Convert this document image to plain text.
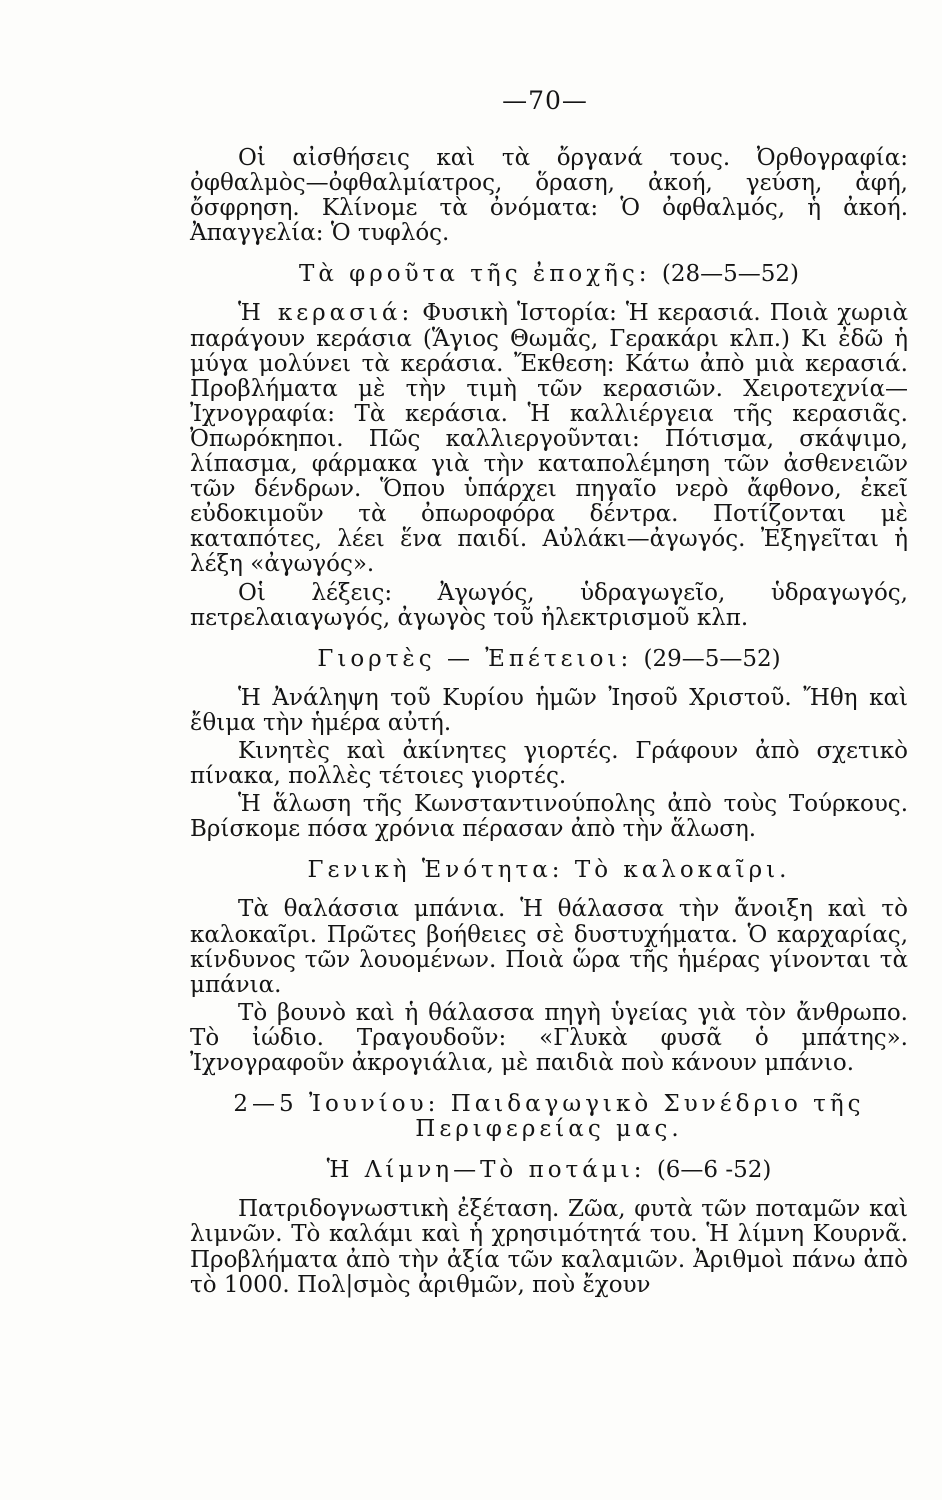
—70—

Οἱ αἰσθήσεις καὶ τὰ ὄργανά τους. Ὀρθογραφία: ὀφθαλμὸς—ὀφθαλμίατρος, ὅραση, ἀκοή, γεύση, ἁφή, ὄσφρηση. Κλίνομε τὰ ὀνόματα: Ὁ ὀφθαλμός, ἡ ἀκοή. Ἀπαγγελία: Ὁ τυφλός.

Τὰ φροῦτα τῆς ἐποχῆς: (28—5—52)

Ἡ κερασιά: Φυσικὴ Ἱστορία: Ἡ κερασιά. Ποιὰ χωριὰ παράγουν κεράσια (Ἅγιος Θωμᾶς, Γερακάρι κλπ.) Κι ἐδῶ ἡ μύγα μολύνει τὰ κεράσια. Ἔκθεση: Κάτω ἀπὸ μιὰ κερασιά. Προβλήματα μὲ τὴν τιμὴ τῶν κερασιῶν. Χειροτεχνία—Ἰχνογραφία: Τὰ κεράσια. Ἡ καλλιέργεια τῆς κερασιᾶς. Ὀπωρόκηποι. Πῶς καλλιεργοῦνται: Πότισμα, σκάψιμο, λίπασμα, φάρμακα γιὰ τὴν καταπολέμηση τῶν ἀσθενειῶν τῶν δένδρων. Ὅπου ὑπάρχει πηγαῖο νερὸ ἄφθονο, ἐκεῖ εὐδοκιμοῦν τὰ ὀπωροφόρα δέντρα. Ποτίζονται μὲ καταπότες, λέει ἕνα παιδί. Αὐλάκι—ἀγωγός. Ἐξηγεῖται ἡ λέξη «ἀγωγός».

Οἱ λέξεις: Ἀγωγός, ὑδραγωγεῖο, ὑδραγωγός, πετρελαιαγωγός, ἀγωγὸς τοῦ ἠλεκτρισμοῦ κλπ.

Γιορτὲς — Ἐπέτειοι: (29—5—52)

Ἡ Ἀνάληψη τοῦ Κυρίου ἡμῶν Ἰησοῦ Χριστοῦ. Ἤθη καὶ ἔθιμα τὴν ἡμέρα αὐτή.

Κινητὲς καὶ ἀκίνητες γιορτές. Γράφουν ἀπὸ σχετικὸ πίνακα, πολλὲς τέτοιες γιορτές.

Ἡ ἅλωση τῆς Κωνσταντινούπολης ἀπὸ τοὺς Τούρκους. Βρίσκομε πόσα χρόνια πέρασαν ἀπὸ τὴν ἅλωση.

Γενικὴ Ἑνότητα: Τὸ καλοκαῖρι.

Τὰ θαλάσσια μπάνια. Ἡ θάλασσα τὴν ἄνοιξη καὶ τὸ καλοκαῖρι. Πρῶτες βοήθειες σὲ δυστυχήματα. Ὁ καρχαρίας, κίνδυνος τῶν λουομένων. Ποιὰ ὥρα τῆς ἡμέρας γίνονται τὰ μπάνια.

Τὸ βουνὸ καὶ ἡ θάλασσα πηγὴ ὑγείας γιὰ τὸν ἄνθρωπο. Τὸ ἰώδιο. Τραγουδοῦν: «Γλυκὰ φυσᾶ ὁ μπάτης». Ἰχνογραφοῦν ἀκρογιάλια, μὲ παιδιὰ ποὺ κάνουν μπάνιο.

2—5 Ἰουνίου: Παιδαγωγικὸ Συνέδριο τῆς Περιφερείας μας.
Ἡ Λίμνη—Τὸ ποτάμι: (6—6 -52)

Πατριδογνωστικὴ ἐξέταση. Ζῶα, φυτὰ τῶν ποταμῶν καὶ λιμνῶν. Τὸ καλάμι καὶ ἡ χρησιμότητά του. Ἡ λίμνη Κουρνᾶ. Προβλήματα ἀπὸ τὴν ἀξία τῶν καλαμιῶν. Ἀριθμοὶ πάνω ἀπὸ τὸ 1000. Πολ|σμὸς ἀριθμῶν, ποὺ ἔχουν
